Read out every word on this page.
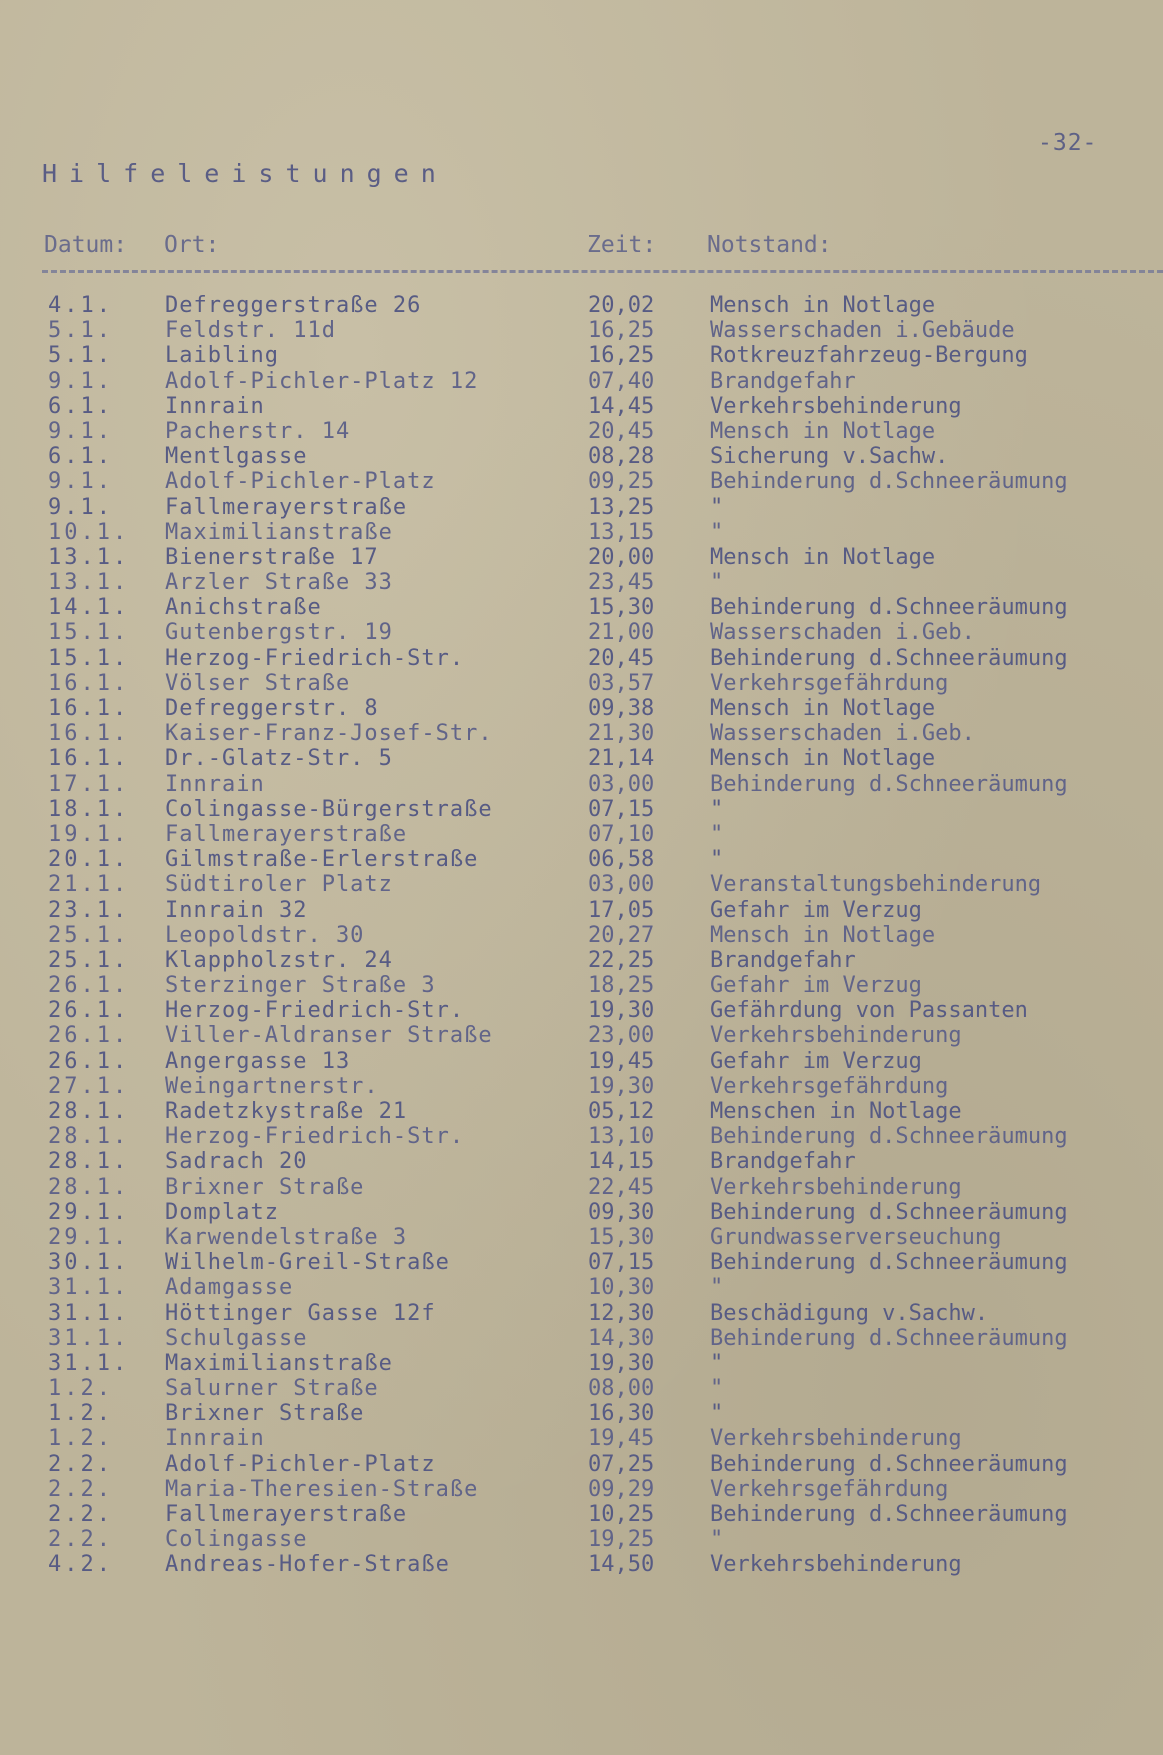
-32-
Hilfeleistungen
Datum: Ort:	Zeit: Notstand:
4.1. Defreggerstraße 26	20,02	Mensch in Notlage
5.1. Feldstr. 11d	16,25	Wasserschaden i.Gebäude
5.1. Laibling	16,25	Rotkreuzfahrzeug-Bergung
9.1. Adolf-Pichler-Platz 12	07,40	Brandgefahr
6.1. Innrain	14,45	Verkehrsbehinderung
9.1. Pacherstr. 14	20,45	Mensch in Notlage
6.1. Mentlgasse	08,28	Sicherung v.Sachw.
9.1. Adolf-Pichler-Platz	09,25	Behinderung d.Schneeräumung
9.1. Fallmerayerstraße	13,25	"
10.1. Maximilianstraße	13,15	"
13.1. Bienerstraße 17	20,00	Mensch in Notlage
13.1. Arzler Straße 33	23,45	"
14.1. Anichstraße	15,30	Behinderung d.Schneeräumung
15.1. Gutenbergstr. 19	21,00	Wasserschaden i.Geb.
15.1. Herzog-Friedrich-Str.	20,45	Behinderung d.Schneeräumung
16.1. Völser Straße	03,57	Verkehrsgefährdung
16.1. Defreggerstr. 8	09,38	Mensch in Notlage
16.1. Kaiser-Franz-Josef-Str.	21,30	Wasserschaden i.Geb.
16.1. Dr.-Glatz-Str. 5	21,14	Mensch in Notlage
17.1. Innrain	03,00	Behinderung d.Schneeräumung
18.1. Colingasse-Bürgerstraße	07,15	"
19.1. Fallmerayerstraße	07,10	"
20.1. Gilmstraße-Erlerstraße	06,58	"
21.1. Südtiroler Platz	03,00	Veranstaltungsbehinderung
23.1. Innrain 32	17,05	Gefahr im Verzug
25.1. Leopoldstr. 30	20,27	Mensch in Notlage
25.1. Klappholzstr. 24	22,25	Brandgefahr
26.1. Sterzinger Straße 3	18,25	Gefahr im Verzug
26.1. Herzog-Friedrich-Str.	19,30	Gefährdung von Passanten
26.1. Viller-Aldranser Straße	23,00	Verkehrsbehinderung
26.1. Angergasse 13	19,45	Gefahr im Verzug
27.1. Weingartnerstr.	19,30	Verkehrsgefährdung
28.1. Radetzkystraße 21	05,12	Menschen in Notlage
28.1. Herzog-Friedrich-Str.	13,10	Behinderung d.Schneeräumung
28.1. Sadrach 20	14,15	Brandgefahr
28.1. Brixner Straße	22,45	Verkehrsbehinderung
29.1. Domplatz	09,30	Behinderung d.Schneeräumung
29.1. Karwendelstraße 3	15,30	Grundwasserverseuchung
30.1. Wilhelm-Greil-Straße	07,15	Behinderung d.Schneeräumung
31.1. Adamgasse	10,30	"
31.1. Höttinger Gasse 12f	12,30	Beschädigung v.Sachw.
31.1. Schulgasse	14,30	Behinderung d.Schneeräumung
31.1. Maximilianstraße	19,30	"
1.2. Salurner Straße	08,00	"
1.2. Brixner Straße	16,30	"
1.2. Innrain	19,45	Verkehrsbehinderung
2.2. Adolf-Pichler-Platz	07,25	Behinderung d.Schneeräumung
2.2. Maria-Theresien-Straße	09,29	Verkehrsgefährdung
2.2. Fallmerayerstraße	10,25	Behinderung d.Schneeräumung
2.2. Colingasse	19,25	"
4.2. Andreas-Hofer-Straße	14,50	Verkehrsbehinderung
